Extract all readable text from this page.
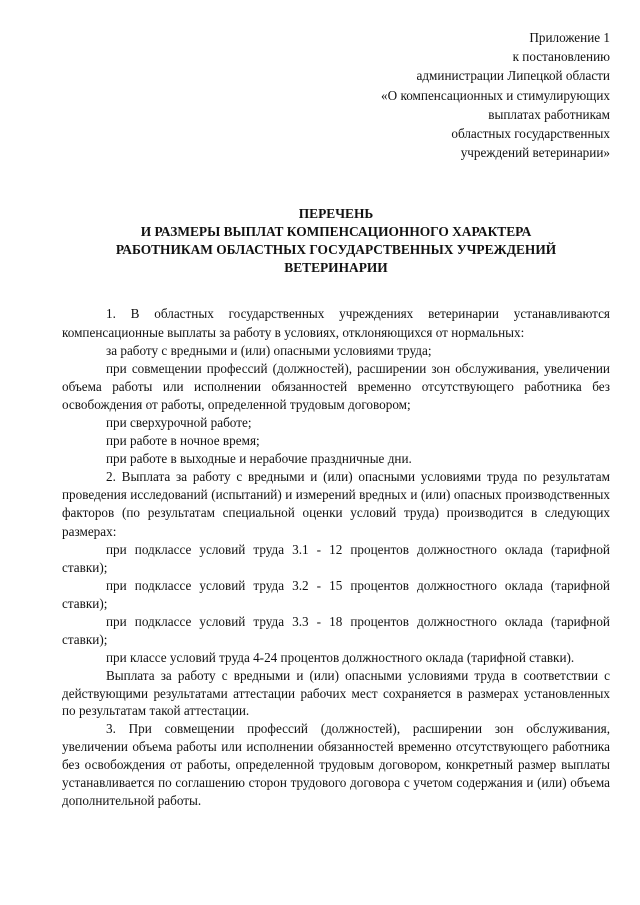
Приложение 1
к постановлению
администрации Липецкой области
«О компенсационных и стимулирующих
выплатах работникам
областных государственных
учреждений ветеринарии»
ПЕРЕЧЕНЬ
И РАЗМЕРЫ ВЫПЛАТ КОМПЕНСАЦИОННОГО ХАРАКТЕРА
РАБОТНИКАМ ОБЛАСТНЫХ ГОСУДАРСТВЕННЫХ УЧРЕЖДЕНИЙ
ВЕТЕРИНАРИИ

1. В областных государственных учреждениях ветеринарии устанавливаются компенсационные выплаты за работу в условиях, отклоняющихся от нормальных:

за работу с вредными и (или) опасными условиями труда;

при совмещении профессий (должностей), расширении зон обслуживания, увеличении объема работы или исполнении обязанностей временно отсутствующего работника без освобождения от работы, определенной трудовым договором;

при сверхурочной работе;

при работе в ночное время;

при работе в выходные и нерабочие праздничные дни.

2. Выплата за работу с вредными и (или) опасными условиями труда по результатам проведения исследований (испытаний) и измерений вредных и (или) опасных производственных факторов (по результатам специальной оценки условий труда) производится в следующих размерах:

при подклассе условий труда 3.1 - 12 процентов должностного оклада (тарифной ставки);

при подклассе условий труда 3.2 - 15 процентов должностного оклада (тарифной ставки);

при подклассе условий труда 3.3 - 18 процентов должностного оклада (тарифной ставки);

при классе условий труда 4-24 процентов должностного оклада (тарифной ставки).

Выплата за работу с вредными и (или) опасными условиями труда в соответствии с действующими результатами аттестации рабочих мест сохраняется в размерах установленных по результатам такой аттестации.

3. При совмещении профессий (должностей), расширении зон обслуживания, увеличении объема работы или исполнении обязанностей временно отсутствующего работника без освобождения от работы, определенной трудовым договором, конкретный размер выплаты устанавливается по соглашению сторон трудового договора с учетом содержания и (или) объема дополнительной работы.
